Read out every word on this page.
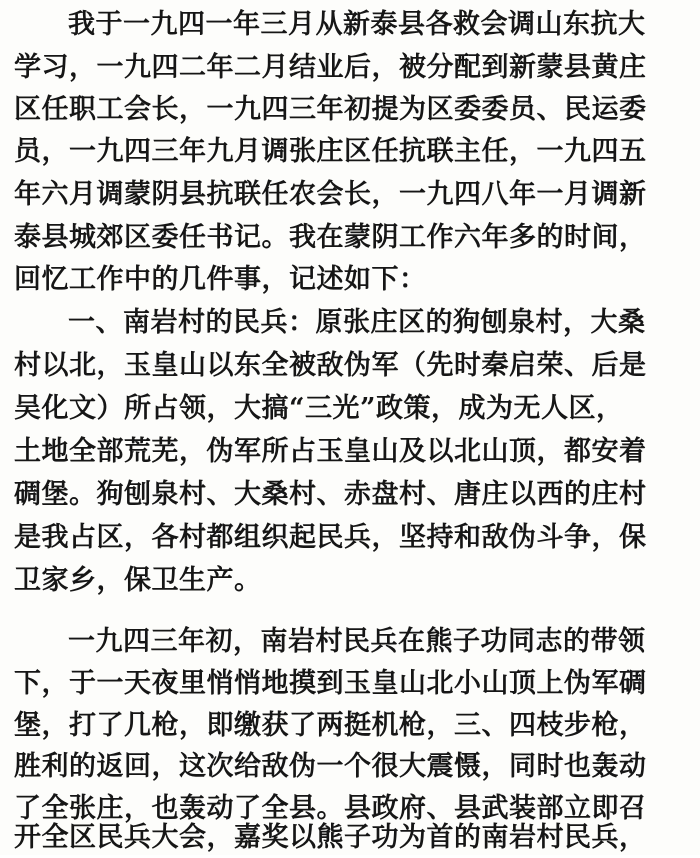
我于一九四一年三月从新泰县各救会调山东抗大
学习，一九四二年二月结业后，被分配到新蒙县黄庄
区任职工会长，一九四三年初提为区委委员、民运委
员，一九四三年九月调张庄区任抗联主任，一九四五
年六月调蒙阴县抗联任农会长，一九四八年一月调新
泰县城郊区委任书记。我在蒙阴工作六年多的时间，
回忆工作中的几件事，记述如下：
一、南岩村的民兵：原张庄区的狗刨泉村，大桑
村以北，玉皇山以东全被敌伪军（先时秦启荣、后是
吴化文）所占领，大搞“三光”政策，成为无人区，
土地全部荒芜，伪军所占玉皇山及以北山顶，都安着
碉堡。狗刨泉村、大桑村、赤盘村、唐庄以西的庄村
是我占区，各村都组织起民兵，坚持和敌伪斗争，保
卫家乡，保卫生产。
一九四三年初，南岩村民兵在熊子功同志的带领
下，于一天夜里悄悄地摸到玉皇山北小山顶上伪军碉
堡，打了几枪，即缴获了两挺机枪，三、四枝步枪，
胜利的返回，这次给敌伪一个很大震慑，同时也轰动
了全张庄，也轰动了全县。县政府、县武装部立即召
开全区民兵大会，嘉奖以熊子功为首的南岩村民兵，
